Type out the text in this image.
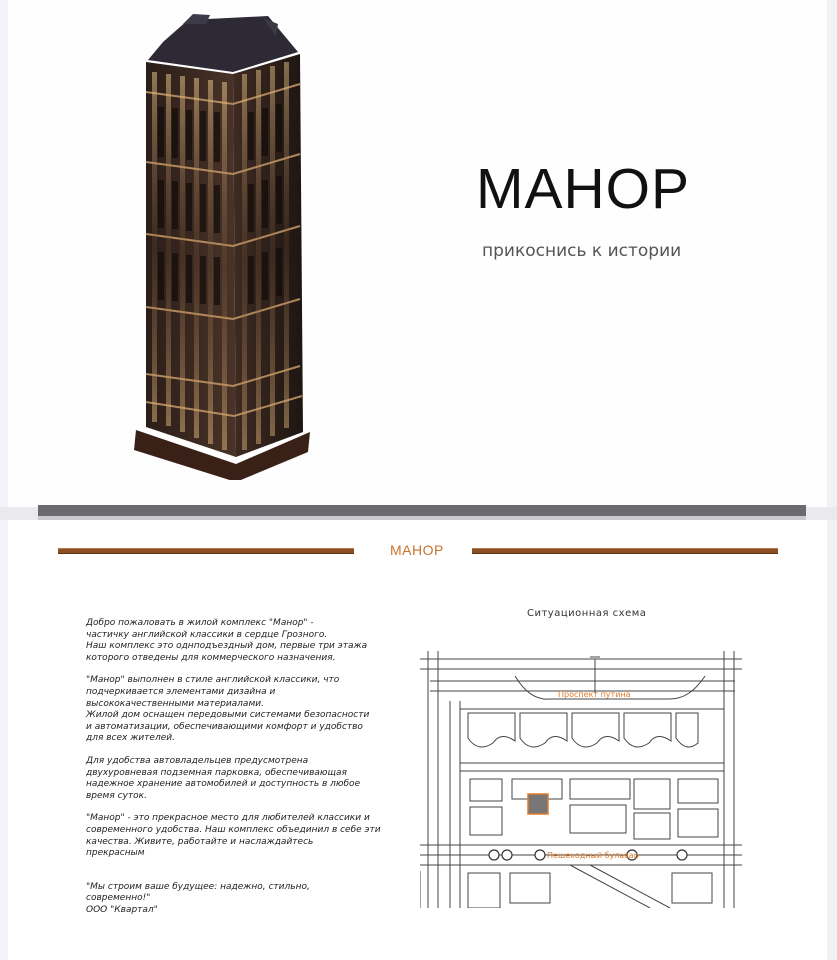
МАНОР
прикоснись к истории
МАНОР

Добро пожаловать в жилой комплекс "Манор" -
частичку английской классики в сердце Грозного.
Наш комплекс это однподъездный дом, первые три этажа
которого отведены для коммерческого назначения.

"Манор" выполнен в стиле английской классики, что
подчеркивается элементами дизайна и
высококачественными материалами.
Жилой дом оснащен передовыми системами безопасности
и автоматизации, обеспечивающими комфорт и удобство
для всех жителей.

Для удобства автовладельцев предусмотрена
двухуровневая подземная парковка, обеспечивающая
надежное хранение автомобилей и доступность в любое
время суток.

"Манор" - это прекрасное место для любителей классики и
современного удобства. Наш комплекс объединил в себе эти
качества. Живите, работайте и наслаждайтесь
прекрасным

"Мы строим ваше будущее: надежно, стильно,
современно!"
ООО "Квартал"

Ситуационная схема
Проспект путина
Пешеходный бульвар
